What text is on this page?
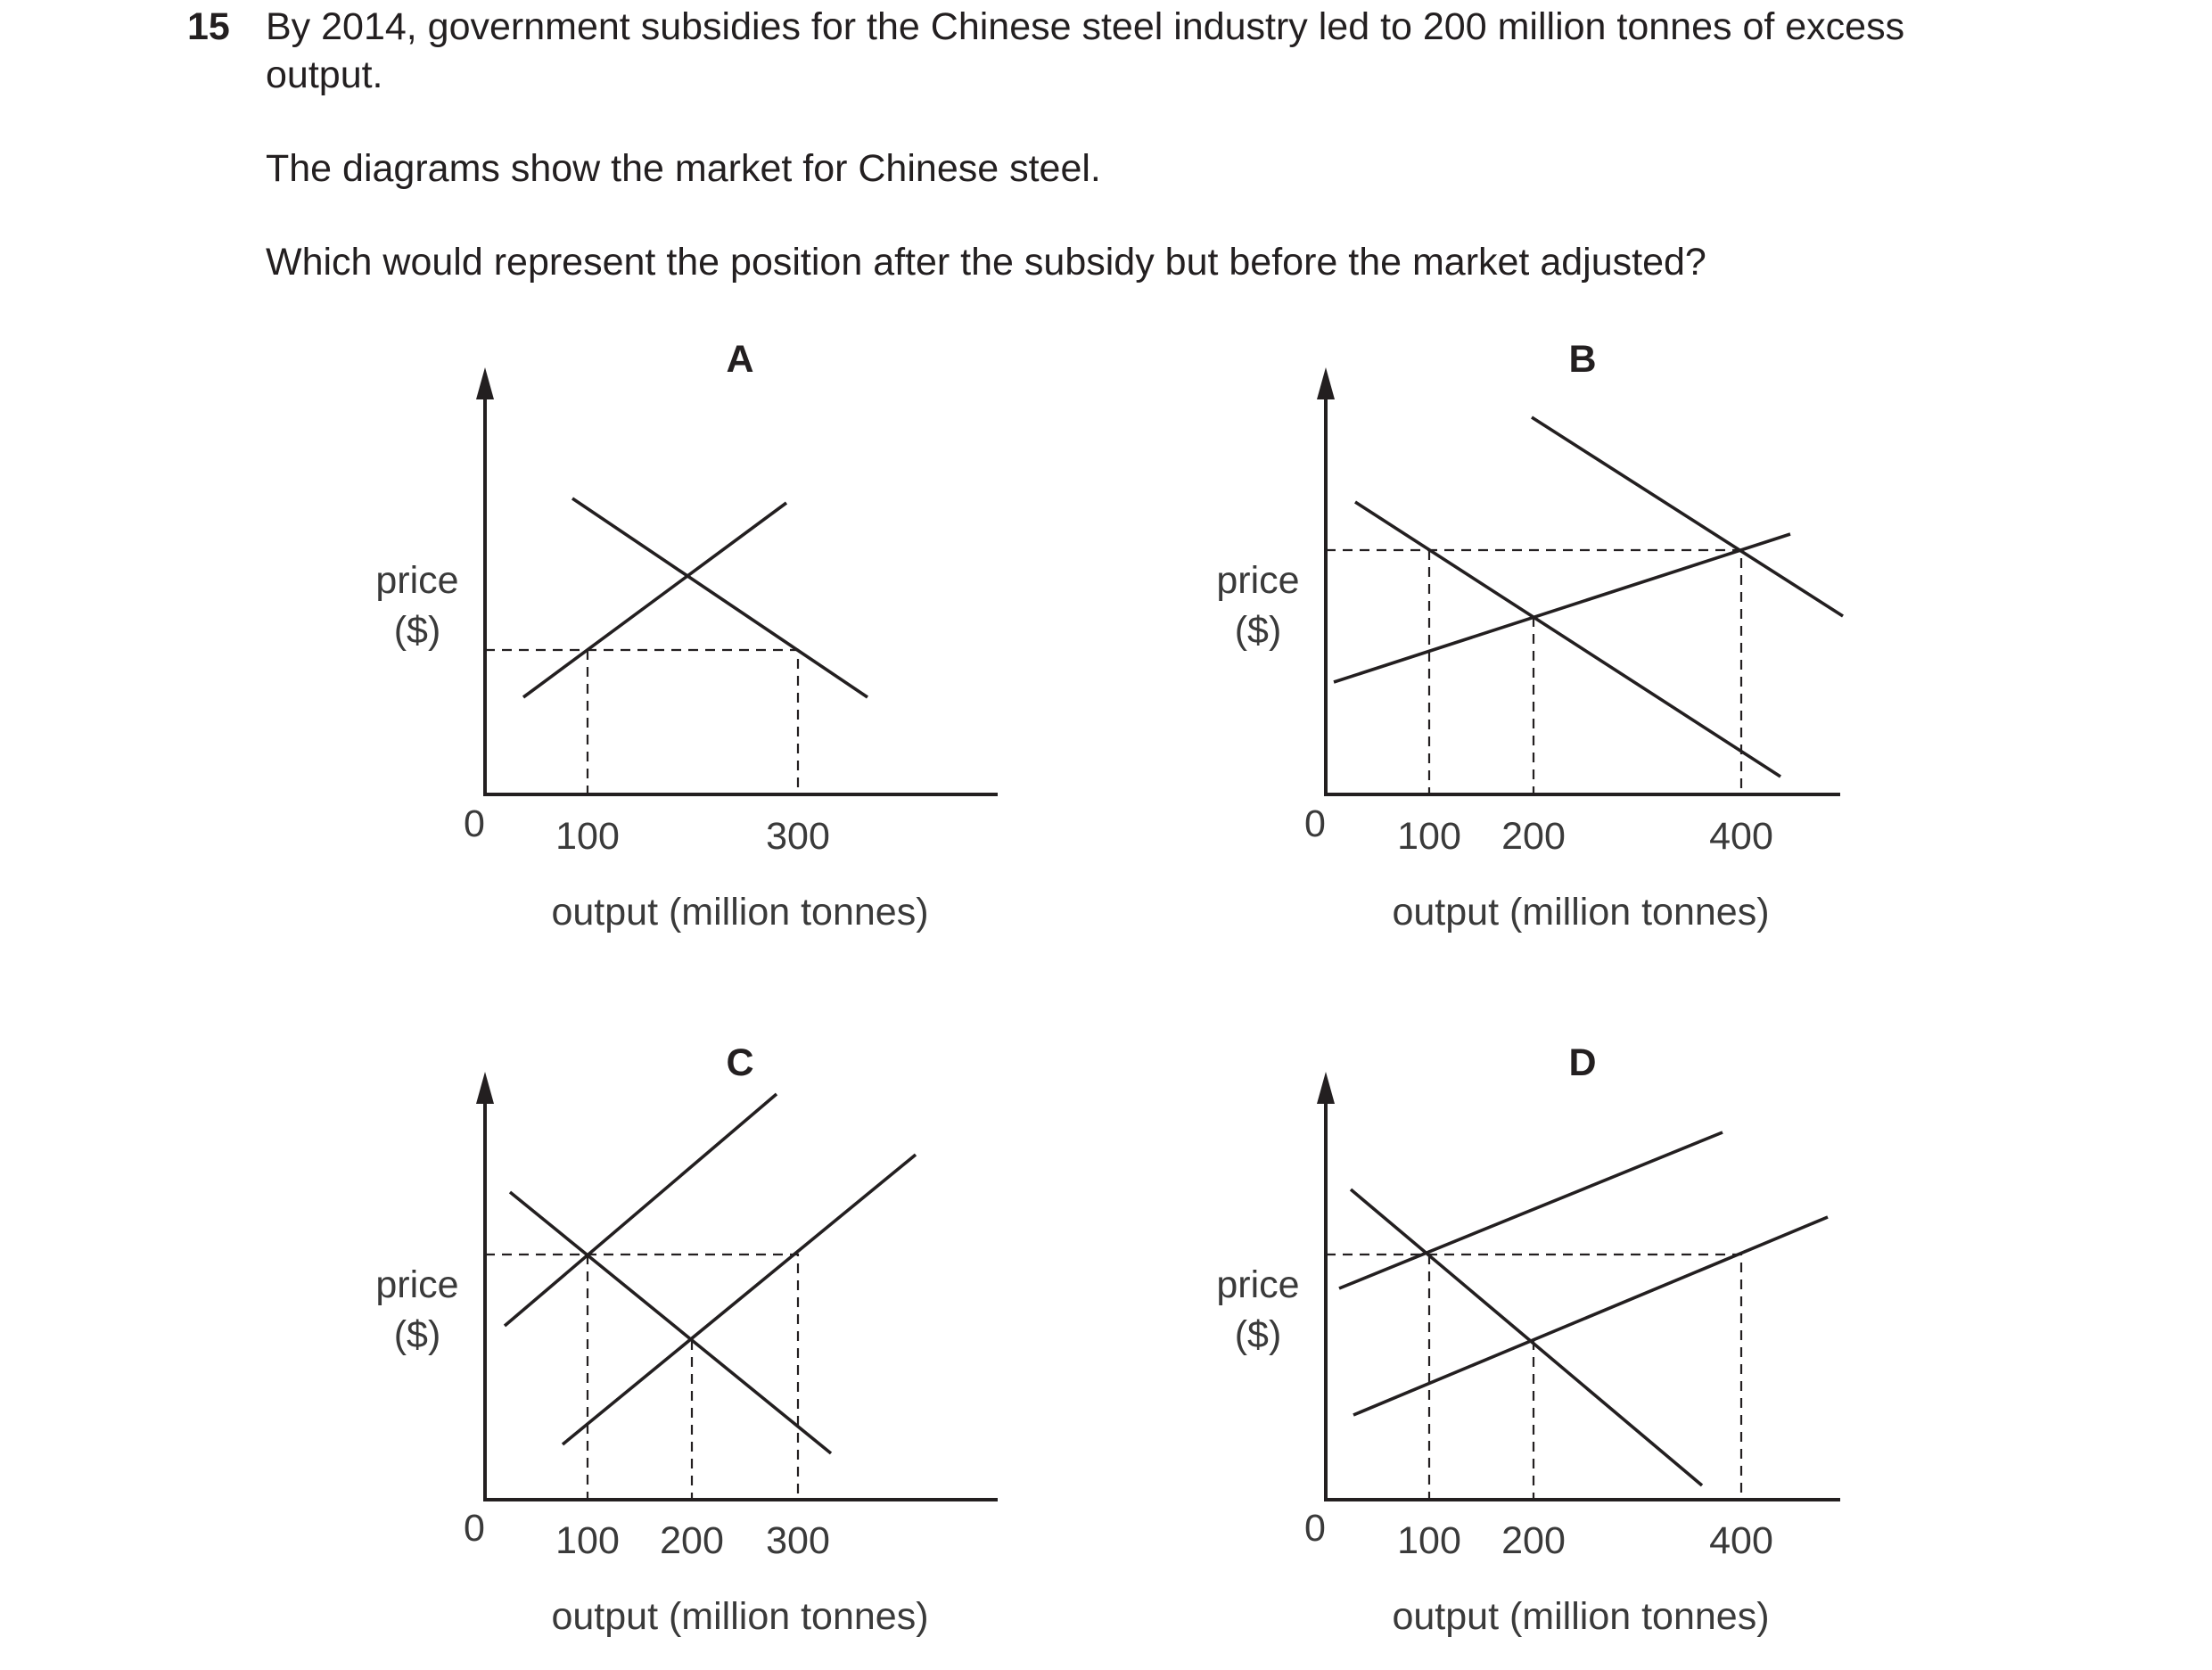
15 By 2014, government subsidies for the Chinese steel industry led to 200 million tonnes of excess
output.
The diagrams show the market for Chinese steel.
Which would represent the position after the subsidy but before the market adjusted?
A
price
($)
0 100	300
output (million tonnes)
B
price
($)
0 100 200	400
output (million tonnes)
C
price
($)
0 100 200 300
output (million tonnes)
D
price
($)
0 100 200	400
output (million tonnes)
